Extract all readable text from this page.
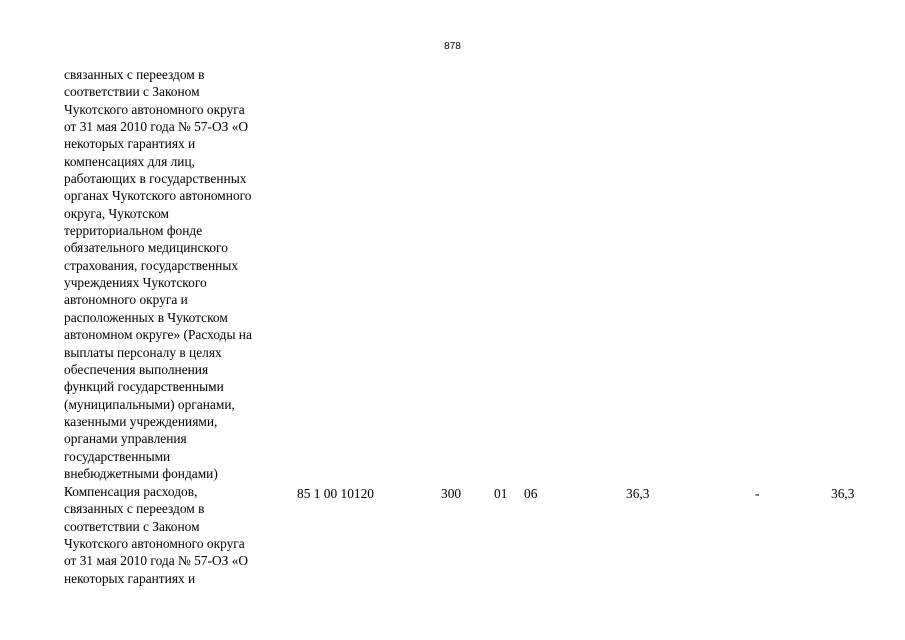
878
связанных с переездом в
соответствии с Законом
Чукотского автономного округа
от 31 мая 2010 года № 57-ОЗ «О
некоторых гарантиях и
компенсациях для лиц,
работающих в государственных
органах Чукотского автономного
округа, Чукотском
территориальном фонде
обязательного медицинского
страхования, государственных
учреждениях Чукотского
автономного округа и
расположенных в Чукотском
автономном округе» (Расходы на
выплаты персоналу в целях
обеспечения выполнения
функций государственными
(муниципальными) органами,
казенными учреждениями,
органами управления
государственными
внебюджетными фондами)
Компенсация расходов,
связанных с переездом в
соответствии с Законом
Чукотского автономного округа
от 31 мая 2010 года № 57-ОЗ «О
некоторых гарантиях и
85 1 00 10120	300 01 06	36,3	-	36,3
